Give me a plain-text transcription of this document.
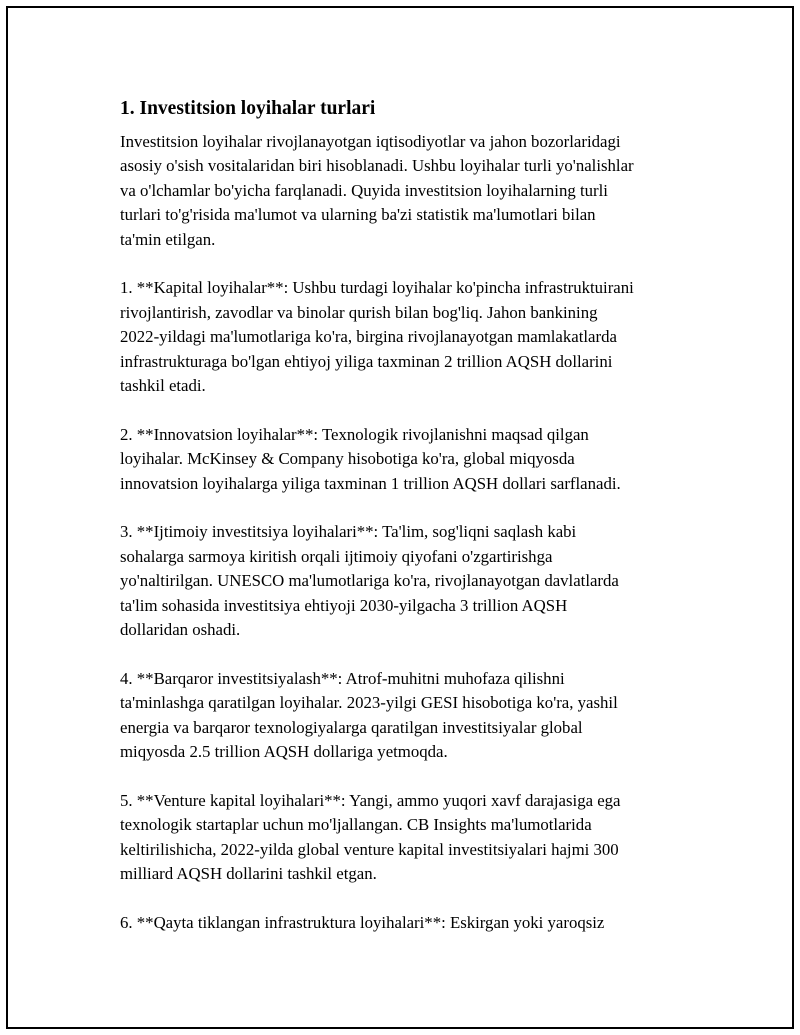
1. Investitsion loyihalar turlari
Investitsion loyihalar rivojlanayotgan iqtisodiyotlar va jahon bozorlaridagi
asosiy o'sish vositalaridan biri hisoblanadi. Ushbu loyihalar turli yo'nalishlar
va o'lchamlar bo'yicha farqlanadi. Quyida investitsion loyihalarning turli
turlari to'g'risida ma'lumot va ularning ba'zi statistik ma'lumotlari bilan
ta'min etilgan.
1. **Kapital loyihalar**: Ushbu turdagi loyihalar ko'pincha infrastruktuirani
rivojlantirish, zavodlar va binolar qurish bilan bog'liq. Jahon bankining
2022-yildagi ma'lumotlariga ko'ra, birgina rivojlanayotgan mamlakatlarda
infrastrukturaga bo'lgan ehtiyoj yiliga taxminan 2 trillion AQSH dollarini
tashkil etadi.
2. **Innovatsion loyihalar**: Texnologik rivojlanishni maqsad qilgan
loyihalar. McKinsey & Company hisobotiga ko'ra, global miqyosda
innovatsion loyihalarga yiliga taxminan 1 trillion AQSH dollari sarflanadi.
3. **Ijtimoiy investitsiya loyihalari**: Ta'lim, sog'liqni saqlash kabi
sohalarga sarmoya kiritish orqali ijtimoiy qiyofani o'zgartirishga
yo'naltirilgan. UNESCO ma'lumotlariga ko'ra, rivojlanayotgan davlatlarda
ta'lim sohasida investitsiya ehtiyoji 2030-yilgacha 3 trillion AQSH
dollaridan oshadi.
4. **Barqaror investitsiyalash**: Atrof-muhitni muhofaza qilishni
ta'minlashga qaratilgan loyihalar. 2023-yilgi GESI hisobotiga ko'ra, yashil
energia va barqaror texnologiyalarga qaratilgan investitsiyalar global
miqyosda 2.5 trillion AQSH dollariga yetmoqda.
5. **Venture kapital loyihalari**: Yangi, ammo yuqori xavf darajasiga ega
texnologik startaplar uchun mo'ljallangan. CB Insights ma'lumotlarida
keltirilishicha, 2022-yilda global venture kapital investitsiyalari hajmi 300
milliard AQSH dollarini tashkil etgan.
6. **Qayta tiklangan infrastruktura loyihalari**: Eskirgan yoki yaroqsiz
